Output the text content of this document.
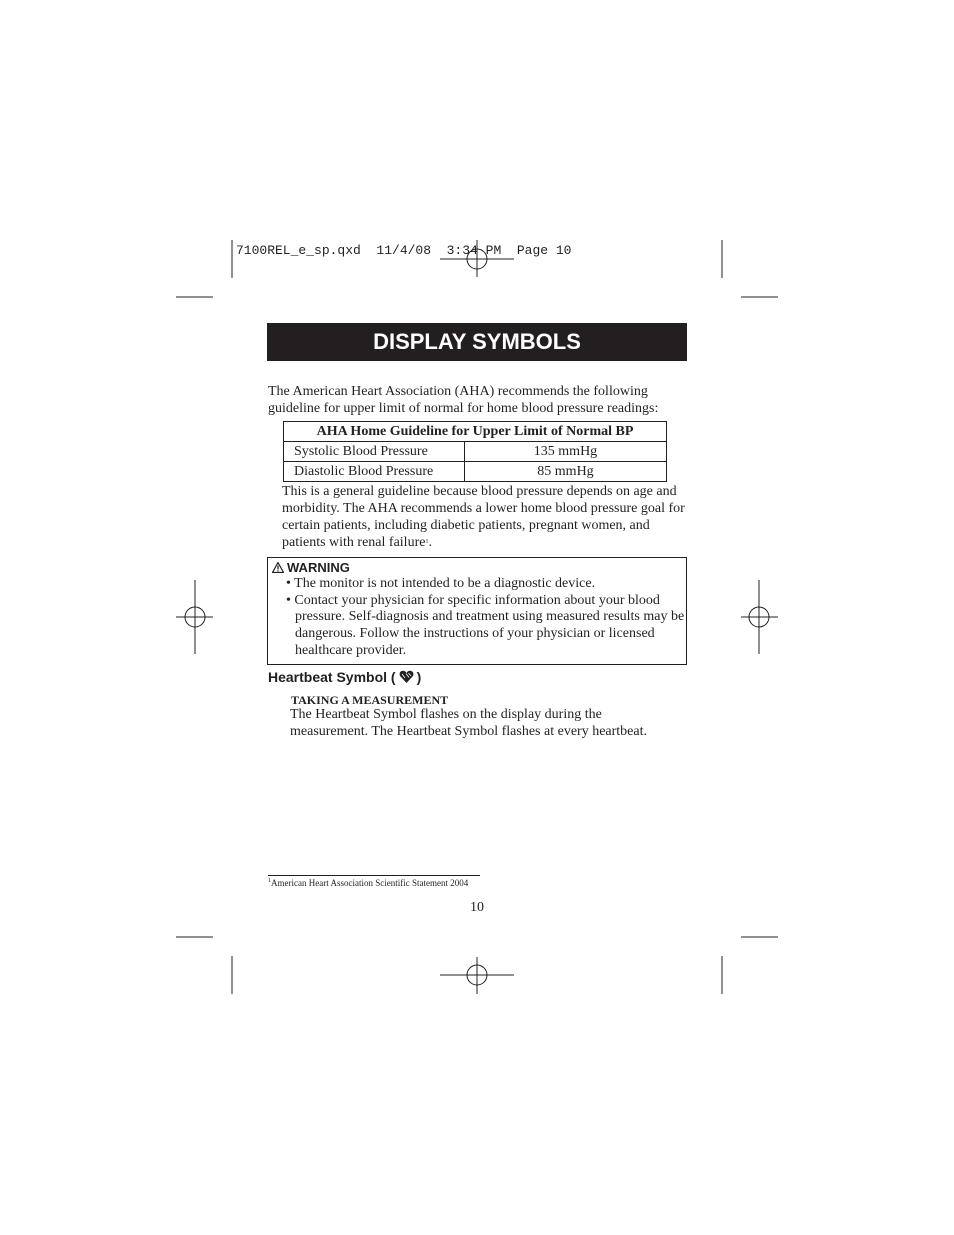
7100REL_e_sp.qxd  11/4/08  3:34 PM  Page 10
DISPLAY SYMBOLS
The American Heart Association (AHA) recommends the following guideline for upper limit of normal for home blood pressure readings:
AHA Home Guideline for Upper Limit of Normal BP	
Systolic Blood Pressure	135 mmHg
Diastolic Blood Pressure	85 mmHg
This is a general guideline because blood pressure depends on age and morbidity. The AHA recommends a lower home blood pressure goal for certain patients, including diabetic patients, pregnant women, and patients with renal failure$^1$.
WARNING
• The monitor is not intended to be a diagnostic device.
• Contact your physician for specific information about your blood pressure. Self-diagnosis and treatment using measured results may be dangerous. Follow the instructions of your physician or licensed healthcare provider.
Heartbeat Symbol ( )
TAKING A MEASUREMENT
The Heartbeat Symbol flashes on the display during the measurement. The Heartbeat Symbol flashes at every heartbeat.
$^1$American Heart Association Scientific Statement 2004
10
